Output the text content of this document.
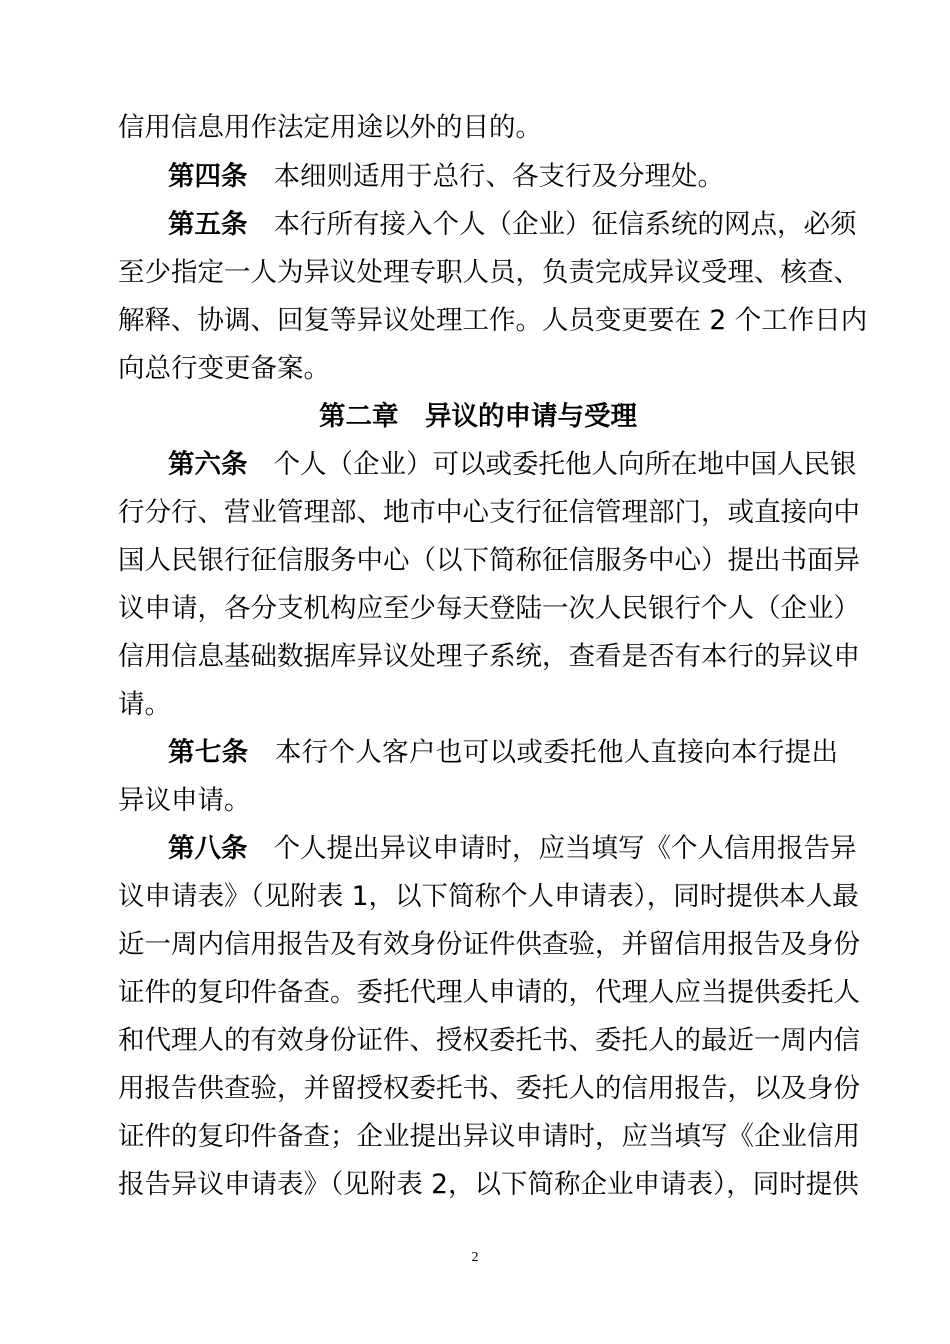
信用信息用作法定用途以外的目的。
第四条 本细则适用于总行、各支行及分理处。
第五条 本行所有接入个人（企业）征信系统的网点，必须
至少指定一人为异议处理专职人员，负责完成异议受理、核查、
解释、协调、回复等异议处理工作。人员变更要在 2 个工作日内
向总行变更备案。
第二章　异议的申请与受理
第六条 个人（企业）可以或委托他人向所在地中国人民银
行分行、营业管理部、地市中心支行征信管理部门，或直接向中
国人民银行征信服务中心（以下简称征信服务中心）提出书面异
议申请，各分支机构应至少每天登陆一次人民银行个人（企业）
信用信息基础数据库异议处理子系统，查看是否有本行的异议申
请。
第七条 本行个人客户也可以或委托他人直接向本行提出
异议申请。
第八条 个人提出异议申请时，应当填写《个人信用报告异
议申请表》（见附表 1，以下简称个人申请表），同时提供本人最
近一周内信用报告及有效身份证件供查验，并留信用报告及身份
证件的复印件备查。委托代理人申请的，代理人应当提供委托人
和代理人的有效身份证件、授权委托书、委托人的最近一周内信
用报告供查验，并留授权委托书、委托人的信用报告，以及身份
证件的复印件备查；企业提出异议申请时，应当填写《企业信用
报告异议申请表》（见附表 2，以下简称企业申请表），同时提供
2
